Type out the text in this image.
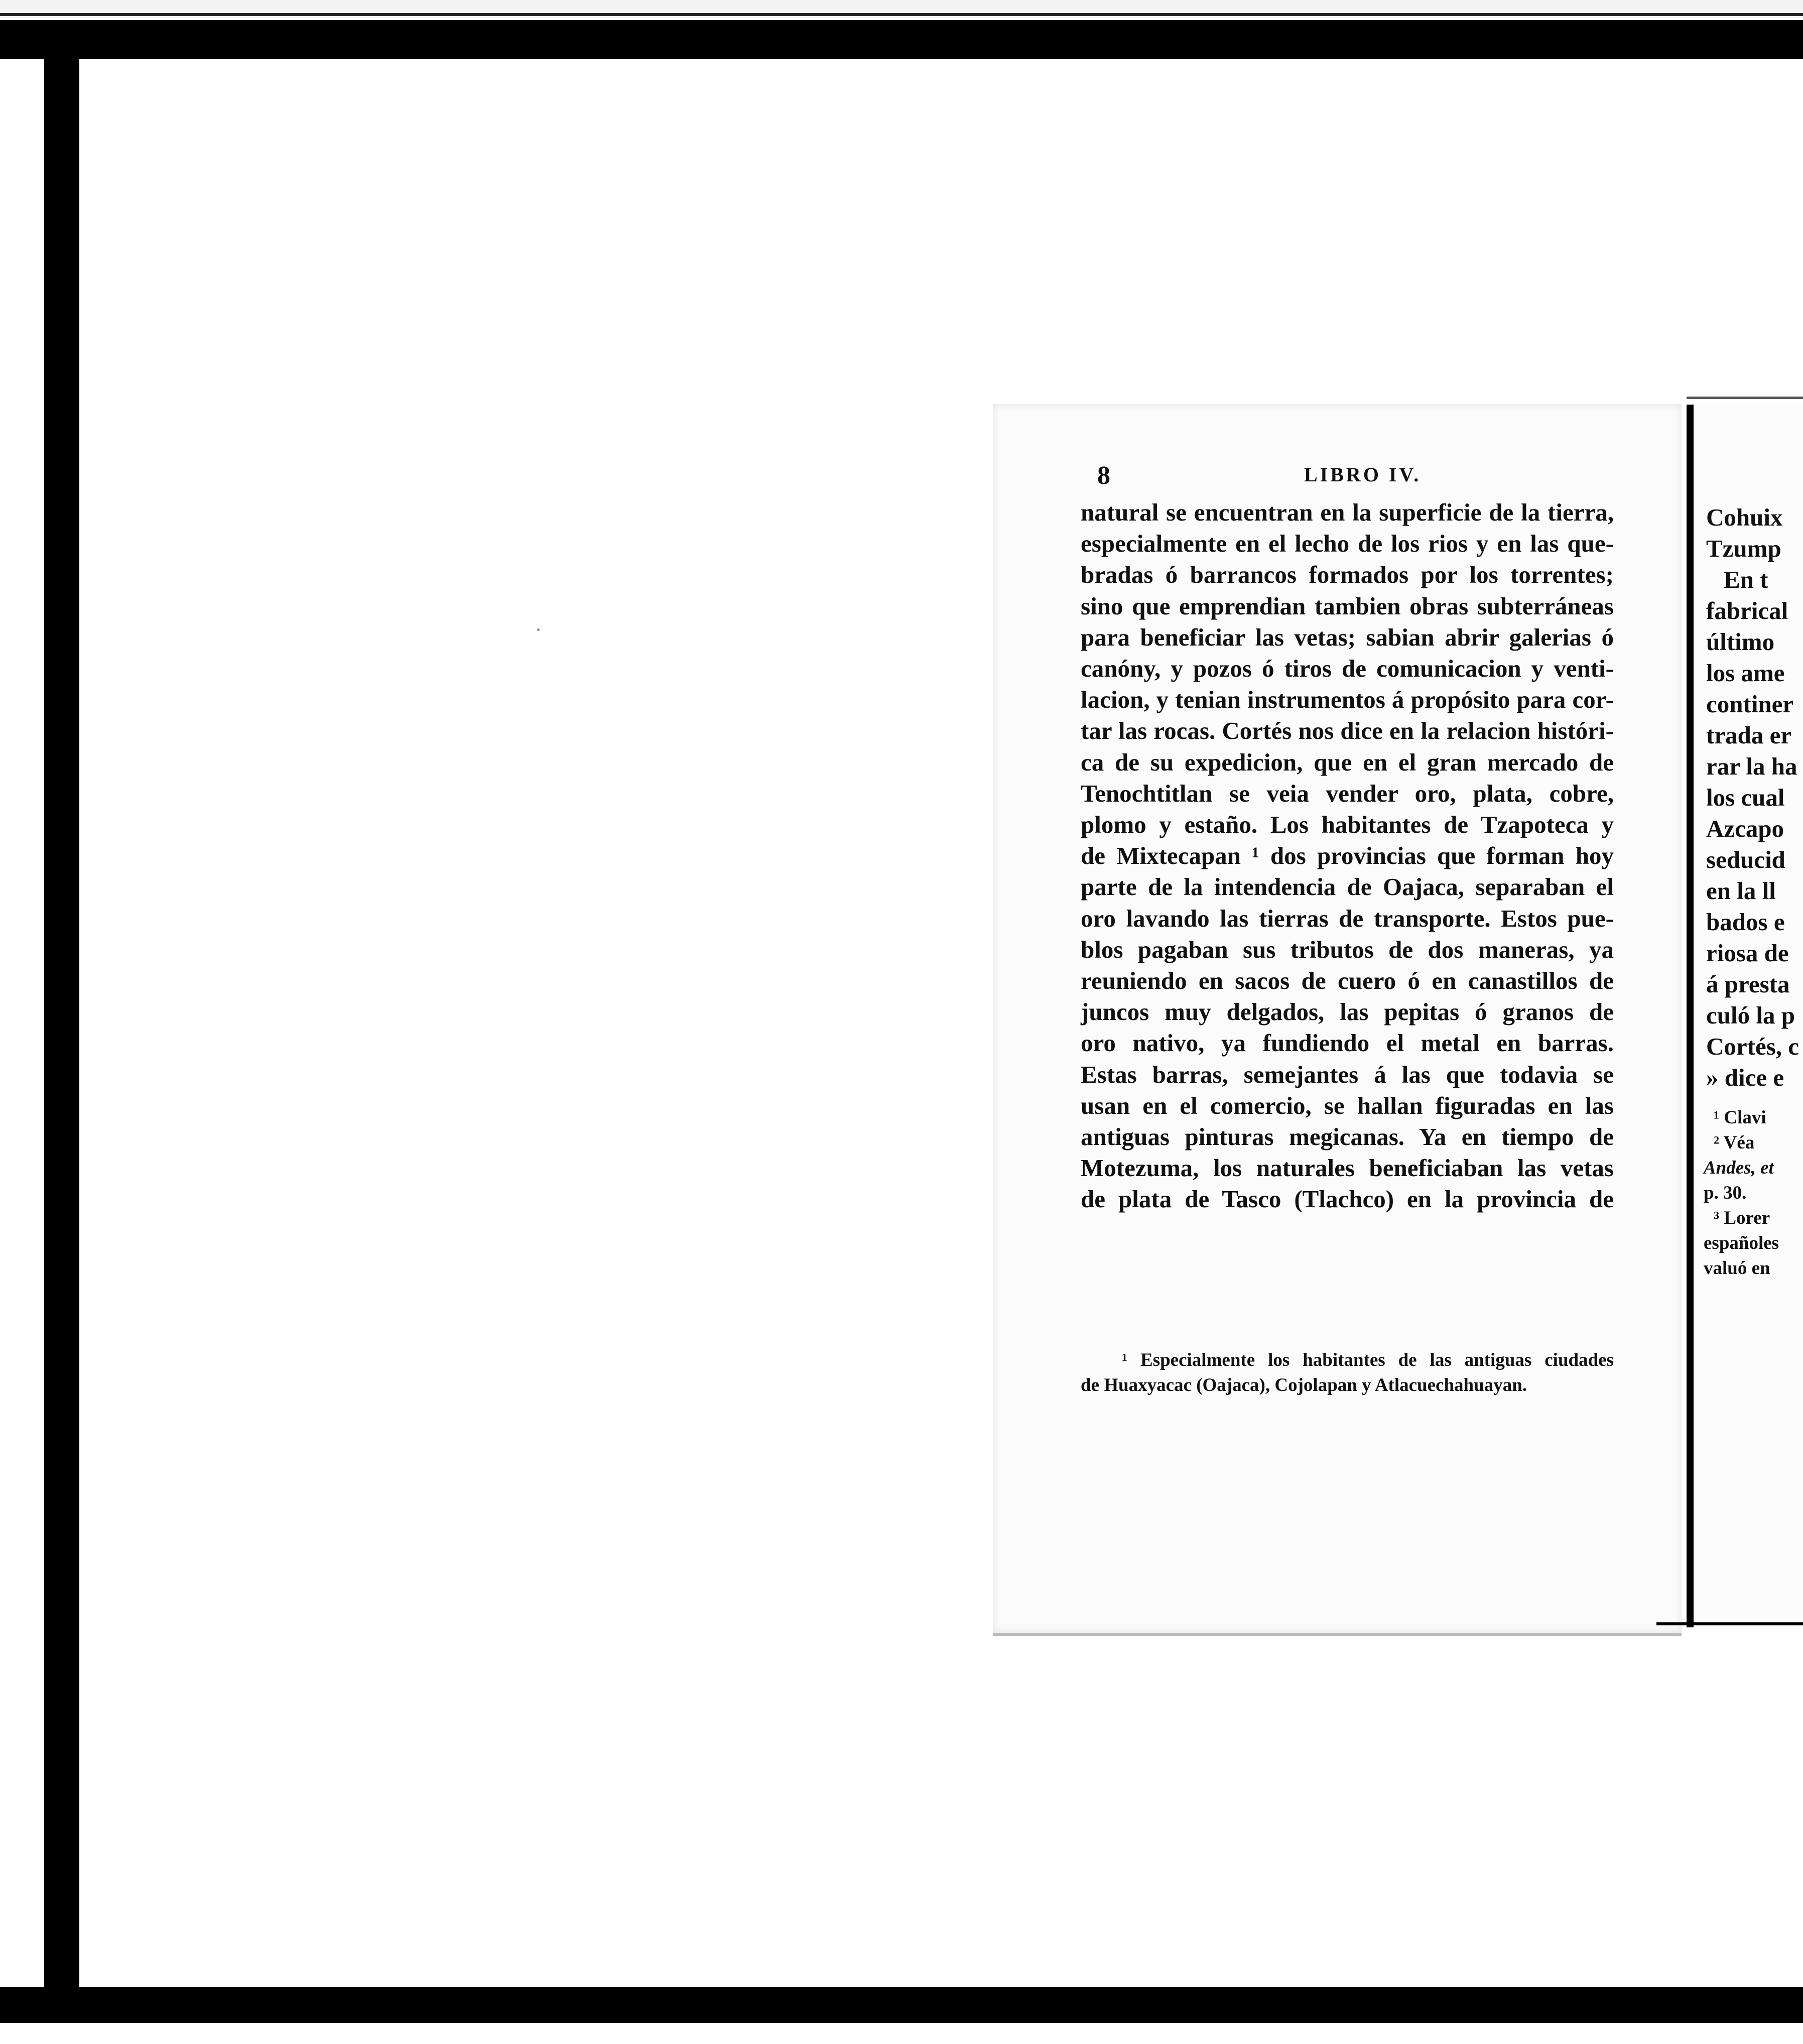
8	LIBRO IV.
natural se encuentran en la superficie de la tierra,
especialmente en el lecho de los rios y en las que-
bradas ó barrancos formados por los torrentes;
sino que emprendian tambien obras subterráneas
para beneficiar las vetas; sabian abrir galerias ó
canóny, y pozos ó tiros de comunicacion y venti-
lacion, y tenian instrumentos á propósito para cor-
tar las rocas. Cortés nos dice en la relacion históri-
ca de su expedicion, que en el gran mercado de
Tenochtitlan se veia vender oro, plata, cobre,
plomo y estaño. Los habitantes de Tzapoteca y
de Mixtecapan ¹ dos provincias que forman hoy
parte de la intendencia de Oajaca, separaban el
oro lavando las tierras de transporte. Estos pue-
blos pagaban sus tributos de dos maneras, ya
reuniendo en sacos de cuero ó en canastillos de
juncos muy delgados, las pepitas ó granos de
oro nativo, ya fundiendo el metal en barras.
Estas barras, semejantes á las que todavia se
usan en el comercio, se hallan figuradas en las
antiguas pinturas megicanas. Ya en tiempo de
Motezuma, los naturales beneficiaban las vetas
de plata de Tasco (Tlachco) en la provincia de
¹ Especialmente los habitantes de las antiguas ciudades
de Huaxyacac (Oajaca), Cojolapan y Atlacuechahuayan.
Cohuix
Tzump
En t
fabrical
último
los ame
continer
trada er
rar la ha
los cual
Azcapo
seducid
en la ll
bados e
riosa de
á presta
culó la p
Cortés, c
» dice e
¹ Clavi
² Véa
Andes, et
p. 30.
³ Lorer
españoles
valuó en
